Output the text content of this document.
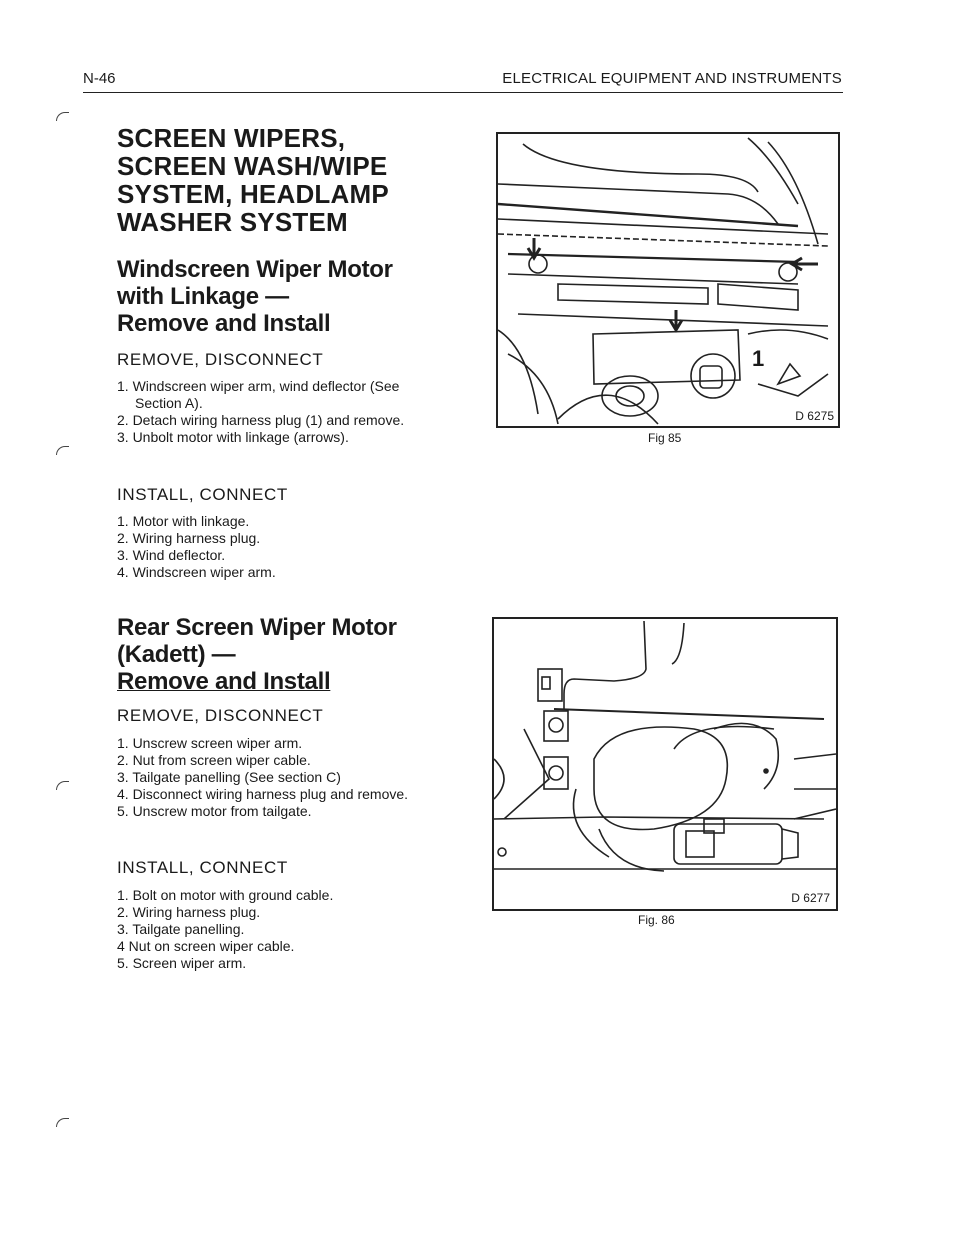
N-46	ELECTRICAL EQUIPMENT AND INSTRUMENTS
SCREEN WIPERS, SCREEN WASH/WIPE SYSTEM, HEADLAMP WASHER SYSTEM
Windscreen Wiper Motor
with Linkage —
Remove and Install
REMOVE, DISCONNECT
1. Windscreen wiper arm, wind deflector (See Section A).
2. Detach wiring harness plug (1) and remove.
3. Unbolt motor with linkage (arrows).
INSTALL, CONNECT
1. Motor with linkage.
2. Wiring harness plug.
3. Wind deflector.
4. Windscreen wiper arm.
Rear Screen Wiper Motor
(Kadett) —
Remove and Install
REMOVE, DISCONNECT
1. Unscrew screen wiper arm.
2. Nut from screen wiper cable.
3. Tailgate panelling (See section C)
4. Disconnect wiring harness plug and remove.
5. Unscrew motor from tailgate.
INSTALL, CONNECT
1. Bolt on motor with ground cable.
2. Wiring harness plug.
3. Tailgate panelling.
4 Nut on screen wiper cable.
5. Screen wiper arm.
1
D 6275
Fig 85
D 6277
Fig. 86
